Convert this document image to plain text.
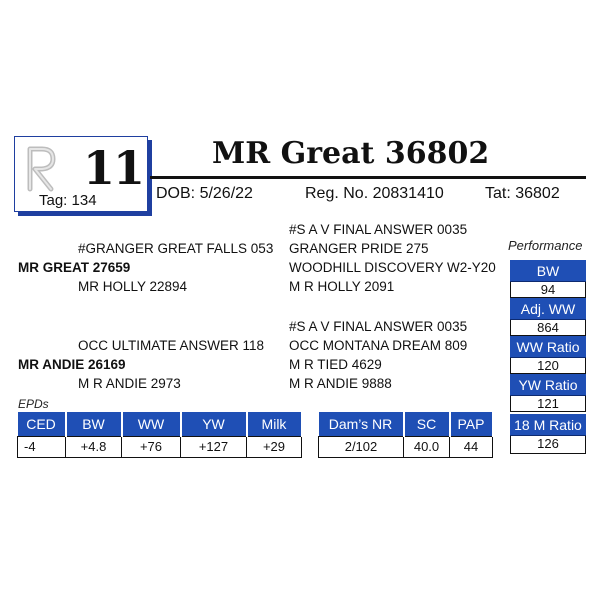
11
Tag: 134
MR Great 36802
DOB: 5/26/22	Reg. No. 20831410	Tat: 36802
#S A V FINAL ANSWER 0035
#GRANGER GREAT FALLS 053 GRANGER PRIDE 275
MR GREAT 27659	WOODHILL DISCOVERY W2-Y20
MR HOLLY 22894	M R HOLLY 2091
#S A V FINAL ANSWER 0035
OCC ULTIMATE ANSWER 118 OCC MONTANA DREAM 809
MR ANDIE 26169	M R TIED 4629
M R ANDIE 2973	M R ANDIE 9888
Performance
BW
94
Adj. WW
864
WW Ratio
120
YW Ratio
121
18 M Ratio
126
EPDs
CED	BW	WW	YW	Milk
-4	+4.8	+76	+127	+29
Dam’s NR	SC	PAP
2/102	40.0	44
